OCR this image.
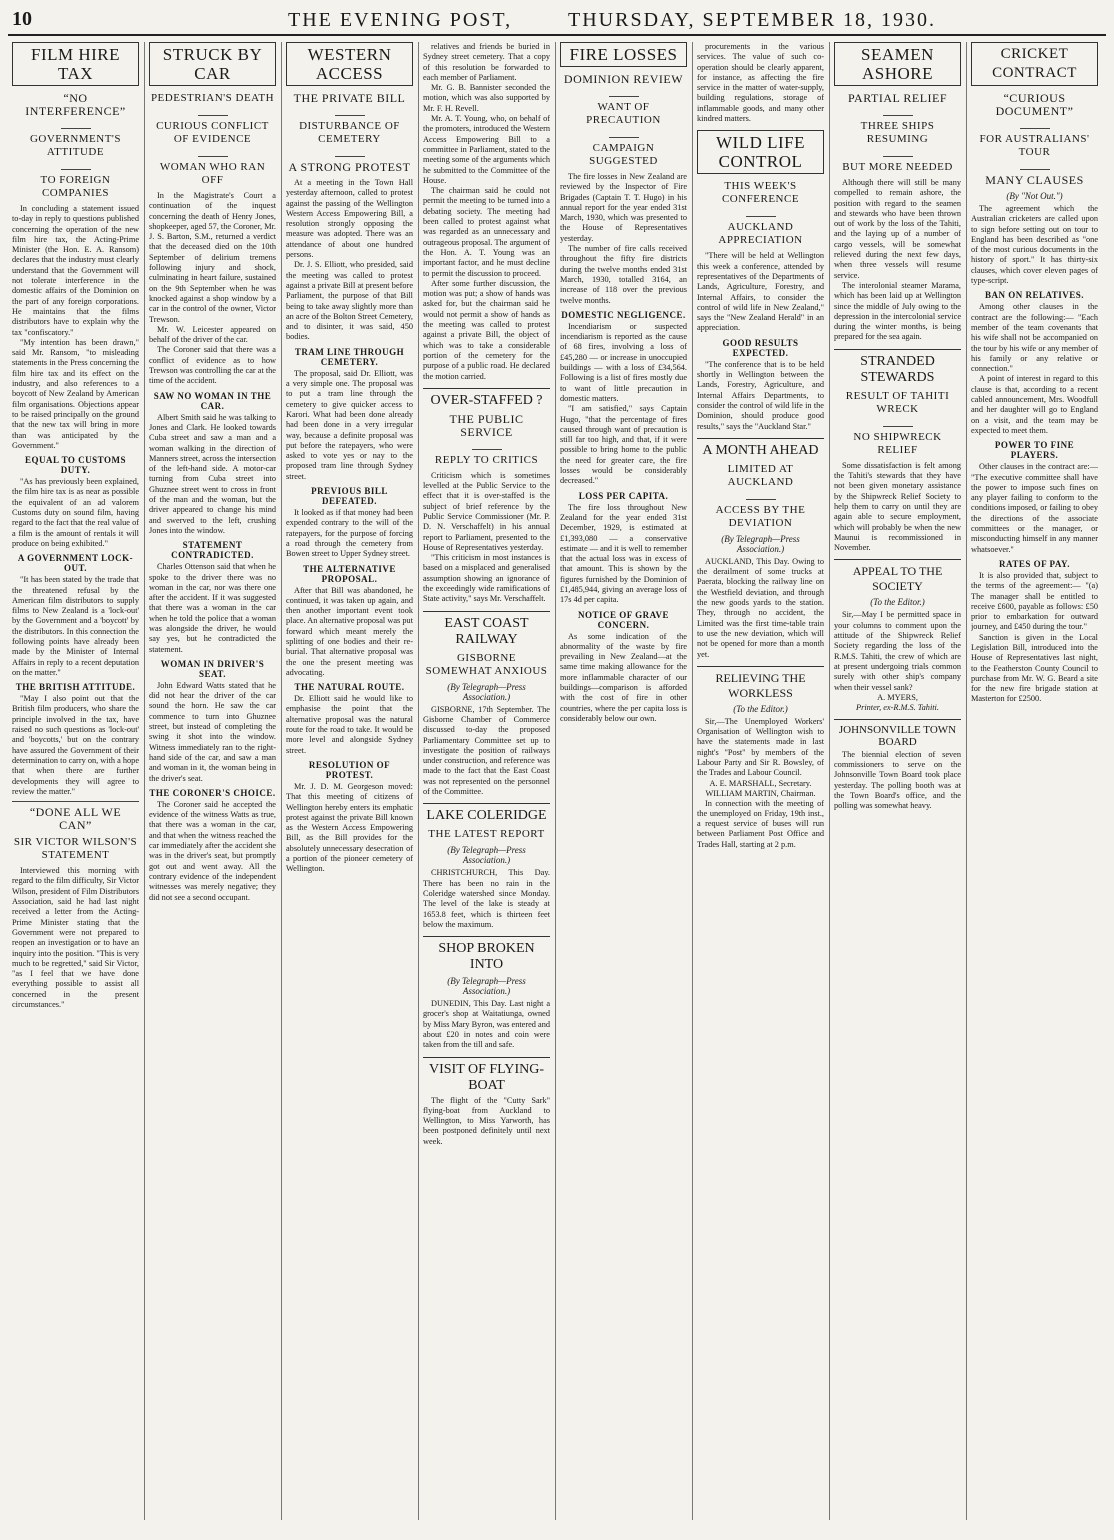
10	THE EVENING POST,	THURSDAY, SEPTEMBER 18, 1930.
FILM HIRE TAX
“NO INTERFERENCE”
GOVERNMENT'S ATTITUDE
TO FOREIGN COMPANIES

In concluding a statement issued to-day in reply to questions published concerning the operation of the new film hire tax, the Acting-Prime Minister (the Hon. E. A. Ransom) declares that the industry must clearly understand that the Government will not tolerate interference in the domestic affairs of the Dominion on the part of any foreign corporations. He maintains that the films distributors have to explain why the tax "confiscatory."

"My intention has been drawn," said Mr. Ransom, "to misleading statements in the Press concerning the film hire tax and its effect on the industry, and also references to a boycott of New Zealand by American film organisations. Objections appear to be raised principally on the ground that the new tax will bring in more than was anticipated by the Government."

EQUAL TO CUSTOMS DUTY.

"As has previously been explained, the film hire tax is as near as possible the equivalent of an ad valorem Customs duty on sound film, having regard to the fact that the real value of a film is the amount of rentals it will produce on being exhibited."

A GOVERNMENT LOCK-OUT.

"It has been stated by the trade that the threatened refusal by the American film distributors to supply films to New Zealand is a 'lock-out' by the Government and a 'boycott' by the distributors. In this connection the following points have already been made by the Minister of Internal Affairs in reply to a recent deputation on the matter."

THE BRITISH ATTITUDE.

"May I also point out that the British film producers, who share the principle involved in the tax, have raised no such questions as 'lock-out' and 'boycotts,' but on the contrary have assured the Government of their determination to carry on, with a hope that when there are further developments they will agree to review the matter."

“DONE ALL WE CAN”
SIR VICTOR WILSON'S STATEMENT

Interviewed this morning with regard to the film difficulty, Sir Victor Wilson, president of Film Distributors Association, said he had last night received a letter from the Acting-Prime Minister stating that the Government were not prepared to reopen an investigation or to have an inquiry into the position. "This is very much to be regretted," said Sir Victor, "as I feel that we have done everything possible to assist all concerned in the present circumstances."

STRUCK BY CAR
PEDESTRIAN'S DEATH
CURIOUS CONFLICT OF EVIDENCE
WOMAN WHO RAN OFF

In the Magistrate's Court a continuation of the inquest concerning the death of Henry Jones, shopkeeper, aged 57, the Coroner, Mr. J. S. Barton, S.M., returned a verdict that the deceased died on the 10th September of delirium tremens following injury and shock, culminating in heart failure, sustained on the 9th September when he was knocked against a shop window by a car in the control of the owner, Victor Trewson.

Mr. W. Leicester appeared on behalf of the driver of the car.

The Coroner said that there was a conflict of evidence as to how Trewson was controlling the car at the time of the accident.

SAW NO WOMAN IN THE CAR.

Albert Smith said he was talking to Jones and Clark. He looked towards Cuba street and saw a man and a woman walking in the direction of Manners street, across the intersection of the left-hand side. A motor-car turning from Cuba street into Ghuznee street went to cross in front of the man and the woman, but the driver appeared to change his mind and swerved to the left, crushing Jones into the window.

STATEMENT CONTRADICTED.

Charles Ottenson said that when he spoke to the driver there was no woman in the car, nor was there one after the accident. If it was suggested that there was a woman in the car when he told the police that a woman was alongside the driver, he would say yes, but he contradicted the statement.

WOMAN IN DRIVER'S SEAT.

John Edward Watts stated that he did not hear the driver of the car sound the horn. He saw the car commence to turn into Ghuznee street, but instead of completing the swing it shot into the window. Witness immediately ran to the right-hand side of the car, and saw a man and woman in it, the woman being in the driver's seat.

THE CORONER'S CHOICE.

The Coroner said he accepted the evidence of the witness Watts as true, that there was a woman in the car, and that when the witness reached the car immediately after the accident she was in the driver's seat, but promptly got out and went away. All the contrary evidence of the independent witnesses was merely negative; they did not see a second occupant.

WESTERN ACCESS
THE PRIVATE BILL
DISTURBANCE OF CEMETERY
A STRONG PROTEST

At a meeting in the Town Hall yesterday afternoon, called to protest against the passing of the Wellington Western Access Empowering Bill, a resolution strongly opposing the measure was adopted. There was an attendance of about one hundred persons.

Dr. J. S. Elliott, who presided, said the meeting was called to protest against a private Bill at present before Parliament, the purpose of that Bill being to take away slightly more than an acre of the Bolton Street Cemetery, and to disinter, it was said, 450 bodies.

TRAM LINE THROUGH CEMETERY.

The proposal, said Dr. Elliott, was a very simple one. The proposal was to put a tram line through the cemetery to give quicker access to Karori. What had been done already had been done in a very irregular way, because a definite proposal was put before the ratepayers, who were asked to vote yes or nay to the proposed tram line through Sydney street.

PREVIOUS BILL DEFEATED.

It looked as if that money had been expended contrary to the will of the ratepayers, for the purpose of forcing a road through the cemetery from Bowen street to Upper Sydney street.

THE ALTERNATIVE PROPOSAL.

After that Bill was abandoned, he continued, it was taken up again, and then another important event took place. An alternative proposal was put forward which meant merely the splitting of one bodies and their re-burial. That alternative proposal was the one the present meeting was advocating.

THE NATURAL ROUTE.

Dr. Elliott said he would like to emphasise the point that the alternative proposal was the natural route for the road to take. It would be more level and alongside Sydney street.

RESOLUTION OF PROTEST.

Mr. J. D. M. Georgeson moved: That this meeting of citizens of Wellington hereby enters its emphatic protest against the private Bill known as the Western Access Empowering Bill, as the Bill provides for the absolutely unnecessary desecration of a portion of the pioneer cemetery of Wellington.

relatives and friends be buried in Sydney street cemetery. That a copy of this resolution be forwarded to each member of Parliament.

Mr. G. B. Bannister seconded the motion, which was also supported by Mr. F. H. Revell.

Mr. A. T. Young, who, on behalf of the promoters, introduced the Western Access Empowering Bill to a committee in Parliament, stated to the meeting some of the arguments which he submitted to the Committee of the House.

The chairman said he could not permit the meeting to be turned into a debating society. The meeting had been called to protest against what was regarded as an unnecessary and outrageous proposal. The argument of the Hon. A. T. Young was an important factor, and he must decline to permit the discussion to proceed.

After some further discussion, the motion was put; a show of hands was asked for, but the chairman said he would not permit a show of hands as the meeting was called to protest against a private Bill, the object of which was to take a considerable portion of the cemetery for the purpose of a public road. He declared the motion carried.

OVER-STAFFED ?
THE PUBLIC SERVICE
REPLY TO CRITICS

Criticism which is sometimes levelled at the Public Service to the effect that it is over-staffed is the subject of brief reference by the Public Service Commissioner (Mr. P. D. N. Verschaffelt) in his annual report to Parliament, presented to the House of Representatives yesterday.

"This criticism in most instances is based on a misplaced and generalised assumption showing an ignorance of the exceedingly wide ramifications of State activity," says Mr. Verschaffelt.

EAST COAST RAILWAY
GISBORNE SOMEWHAT ANXIOUS
(By Telegraph—Press Association.)

GISBORNE, 17th September. The Gisborne Chamber of Commerce discussed to-day the proposed Parliamentary Committee set up to investigate the position of railways under construction, and reference was made to the fact that the East Coast was not represented on the personnel of the Committee.

LAKE COLERIDGE
THE LATEST REPORT
(By Telegraph—Press Association.)

CHRISTCHURCH, This Day. There has been no rain in the Coleridge watershed since Monday. The level of the lake is steady at 1653.8 feet, which is thirteen feet below the maximum.

SHOP BROKEN INTO
(By Telegraph—Press Association.)

DUNEDIN, This Day. Last night a grocer's shop at Waitatiunga, owned by Miss Mary Byron, was entered and about £20 in notes and coin were taken from the till and safe.

VISIT OF FLYING-BOAT

The flight of the "Cutty Sark" flying-boat from Auckland to Wellington, to Miss Yarworth, has been postponed definitely until next week.

FIRE LOSSES
DOMINION REVIEW
WANT OF PRECAUTION
CAMPAIGN SUGGESTED

The fire losses in New Zealand are reviewed by the Inspector of Fire Brigades (Captain T. T. Hugo) in his annual report for the year ended 31st March, 1930, which was presented to the House of Representatives yesterday.

The number of fire calls received throughout the fifty fire districts during the twelve months ended 31st March, 1930, totalled 3164, an increase of 118 over the previous twelve months.

DOMESTIC NEGLIGENCE.

Incendiarism or suspected incendiarism is reported as the cause of 68 fires, involving a loss of £45,280 — or increase in unoccupied buildings — with a loss of £34,564. Following is a list of fires mostly due to want of little precaution in domestic matters.

"I am satisfied," says Captain Hugo, "that the percentage of fires caused through want of precaution is still far too high, and that, if it were possible to bring home to the public the need for greater care, the fire losses would be considerably decreased."

LOSS PER CAPITA.

The fire loss throughout New Zealand for the year ended 31st December, 1929, is estimated at £1,393,080 — a conservative estimate — and it is well to remember that the actual loss was in excess of that amount. This is shown by the figures furnished by the Dominion of £1,485,944, giving an average loss of 17s 4d per capita.

NOTICE OF GRAVE CONCERN.

As some indication of the abnormality of the waste by fire prevailing in New Zealand—at the same time making allowance for the more inflammable character of our buildings—comparison is afforded with the cost of fire in other countries, where the per capita loss is considerably below our own.

procurements in the various services. The value of such co-operation should be clearly apparent, for instance, as affecting the fire service in the matter of water-supply, building regulations, storage of inflammable goods, and many other kindred matters.

WILD LIFE CONTROL
THIS WEEK'S CONFERENCE
AUCKLAND APPRECIATION

"There will be held at Wellington this week a conference, attended by representatives of the Departments of Lands, Agriculture, Forestry, and Internal Affairs, to consider the control of wild life in New Zealand," says the "New Zealand Herald" in an appreciation.

GOOD RESULTS EXPECTED.

"The conference that is to be held shortly in Wellington between the Lands, Forestry, Agriculture, and Internal Affairs Departments, to consider the control of wild life in the Dominion, should produce good results," says the "Auckland Star."

A MONTH AHEAD
LIMITED AT AUCKLAND
ACCESS BY THE DEVIATION
(By Telegraph—Press Association.)

AUCKLAND, This Day. Owing to the derailment of some trucks at Paerata, blocking the railway line on the Westfield deviation, and through the new goods yards to the station. They, through no accident, the Limited was the first time-table train to use the new deviation, which will not be opened for more than a month yet.

RELIEVING THE WORKLESS
(To the Editor.)

Sir,—The Unemployed Workers' Organisation of Wellington wish to have the statements made in last night's "Post" by members of the Labour Party and Sir R. Bowsley, of the Trades and Labour Council.

A. E. MARSHALL, Secretary.
WILLIAM MARTIN, Chairman.

In connection with the meeting of the unemployed on Friday, 19th inst., a request service of buses will run between Parliament Post Office and Trades Hall, starting at 2 p.m.

SEAMEN ASHORE
PARTIAL RELIEF
THREE SHIPS RESUMING
BUT MORE NEEDED

Although there will still be many compelled to remain ashore, the position with regard to the seamen and stewards who have been thrown out of work by the loss of the Tahiti, and the laying up of a number of cargo vessels, will be somewhat relieved during the next few days, when three vessels will resume service.

The interolonial steamer Marama, which has been laid up at Wellington since the middle of July owing to the depression in the intercolonial service during the winter months, is being prepared for the sea again.

STRANDED STEWARDS
RESULT OF TAHITI WRECK
NO SHIPWRECK RELIEF

Some dissatisfaction is felt among the Tahiti's stewards that they have not been given monetary assistance by the Shipwreck Relief Society to help them to carry on until they are again able to secure employment, which will probably be when the new Maunui is recommissioned in November.

APPEAL TO THE SOCIETY
(To the Editor.)

Sir,—May I be permitted space in your columns to comment upon the attitude of the Shipwreck Relief Society regarding the loss of the R.M.S. Tahiti, the crew of which are at present undergoing trials common surely with other ship's company when their vessel sank?

A. MYERS,
Printer, ex-R.M.S. Tahiti.
JOHNSONVILLE TOWN BOARD

The biennial election of seven commissioners to serve on the Johnsonville Town Board took place yesterday. The polling booth was at the Town Board's office, and the polling was somewhat heavy.

CRICKET CONTRACT
“CURIOUS DOCUMENT”
FOR AUSTRALIANS' TOUR
MANY CLAUSES
(By "Not Out.")

The agreement which the Australian cricketers are called upon to sign before setting out on tour to England has been described as "one of the most curious documents in the history of sport." It has thirty-six clauses, which cover eleven pages of type-script.

BAN ON RELATIVES.

Among other clauses in the contract are the following:— "Each member of the team covenants that his wife shall not be accompanied on the tour by his wife or any member of his family or any relative or connection."

A point of interest in regard to this clause is that, according to a recent cabled announcement, Mrs. Woodfull and her daughter will go to England on a visit, and the team may be expected to meet them.

POWER TO FINE PLAYERS.

Other clauses in the contract are:— "The executive committee shall have the power to impose such fines on any player failing to conform to the conditions imposed, or failing to obey the directions of the associate committees or the manager, or misconducting himself in any manner whatsoever."

RATES OF PAY.

It is also provided that, subject to the terms of the agreement:— "(a) The manager shall be entitled to receive £600, payable as follows: £50 prior to embarkation for outward journey, and £450 during the tour."

Sanction is given in the Local Legislation Bill, introduced into the House of Representatives last night, to the Featherston County Council to purchase from Mr. W. G. Beard a site for the new fire brigade station at Masterton for £2500.
